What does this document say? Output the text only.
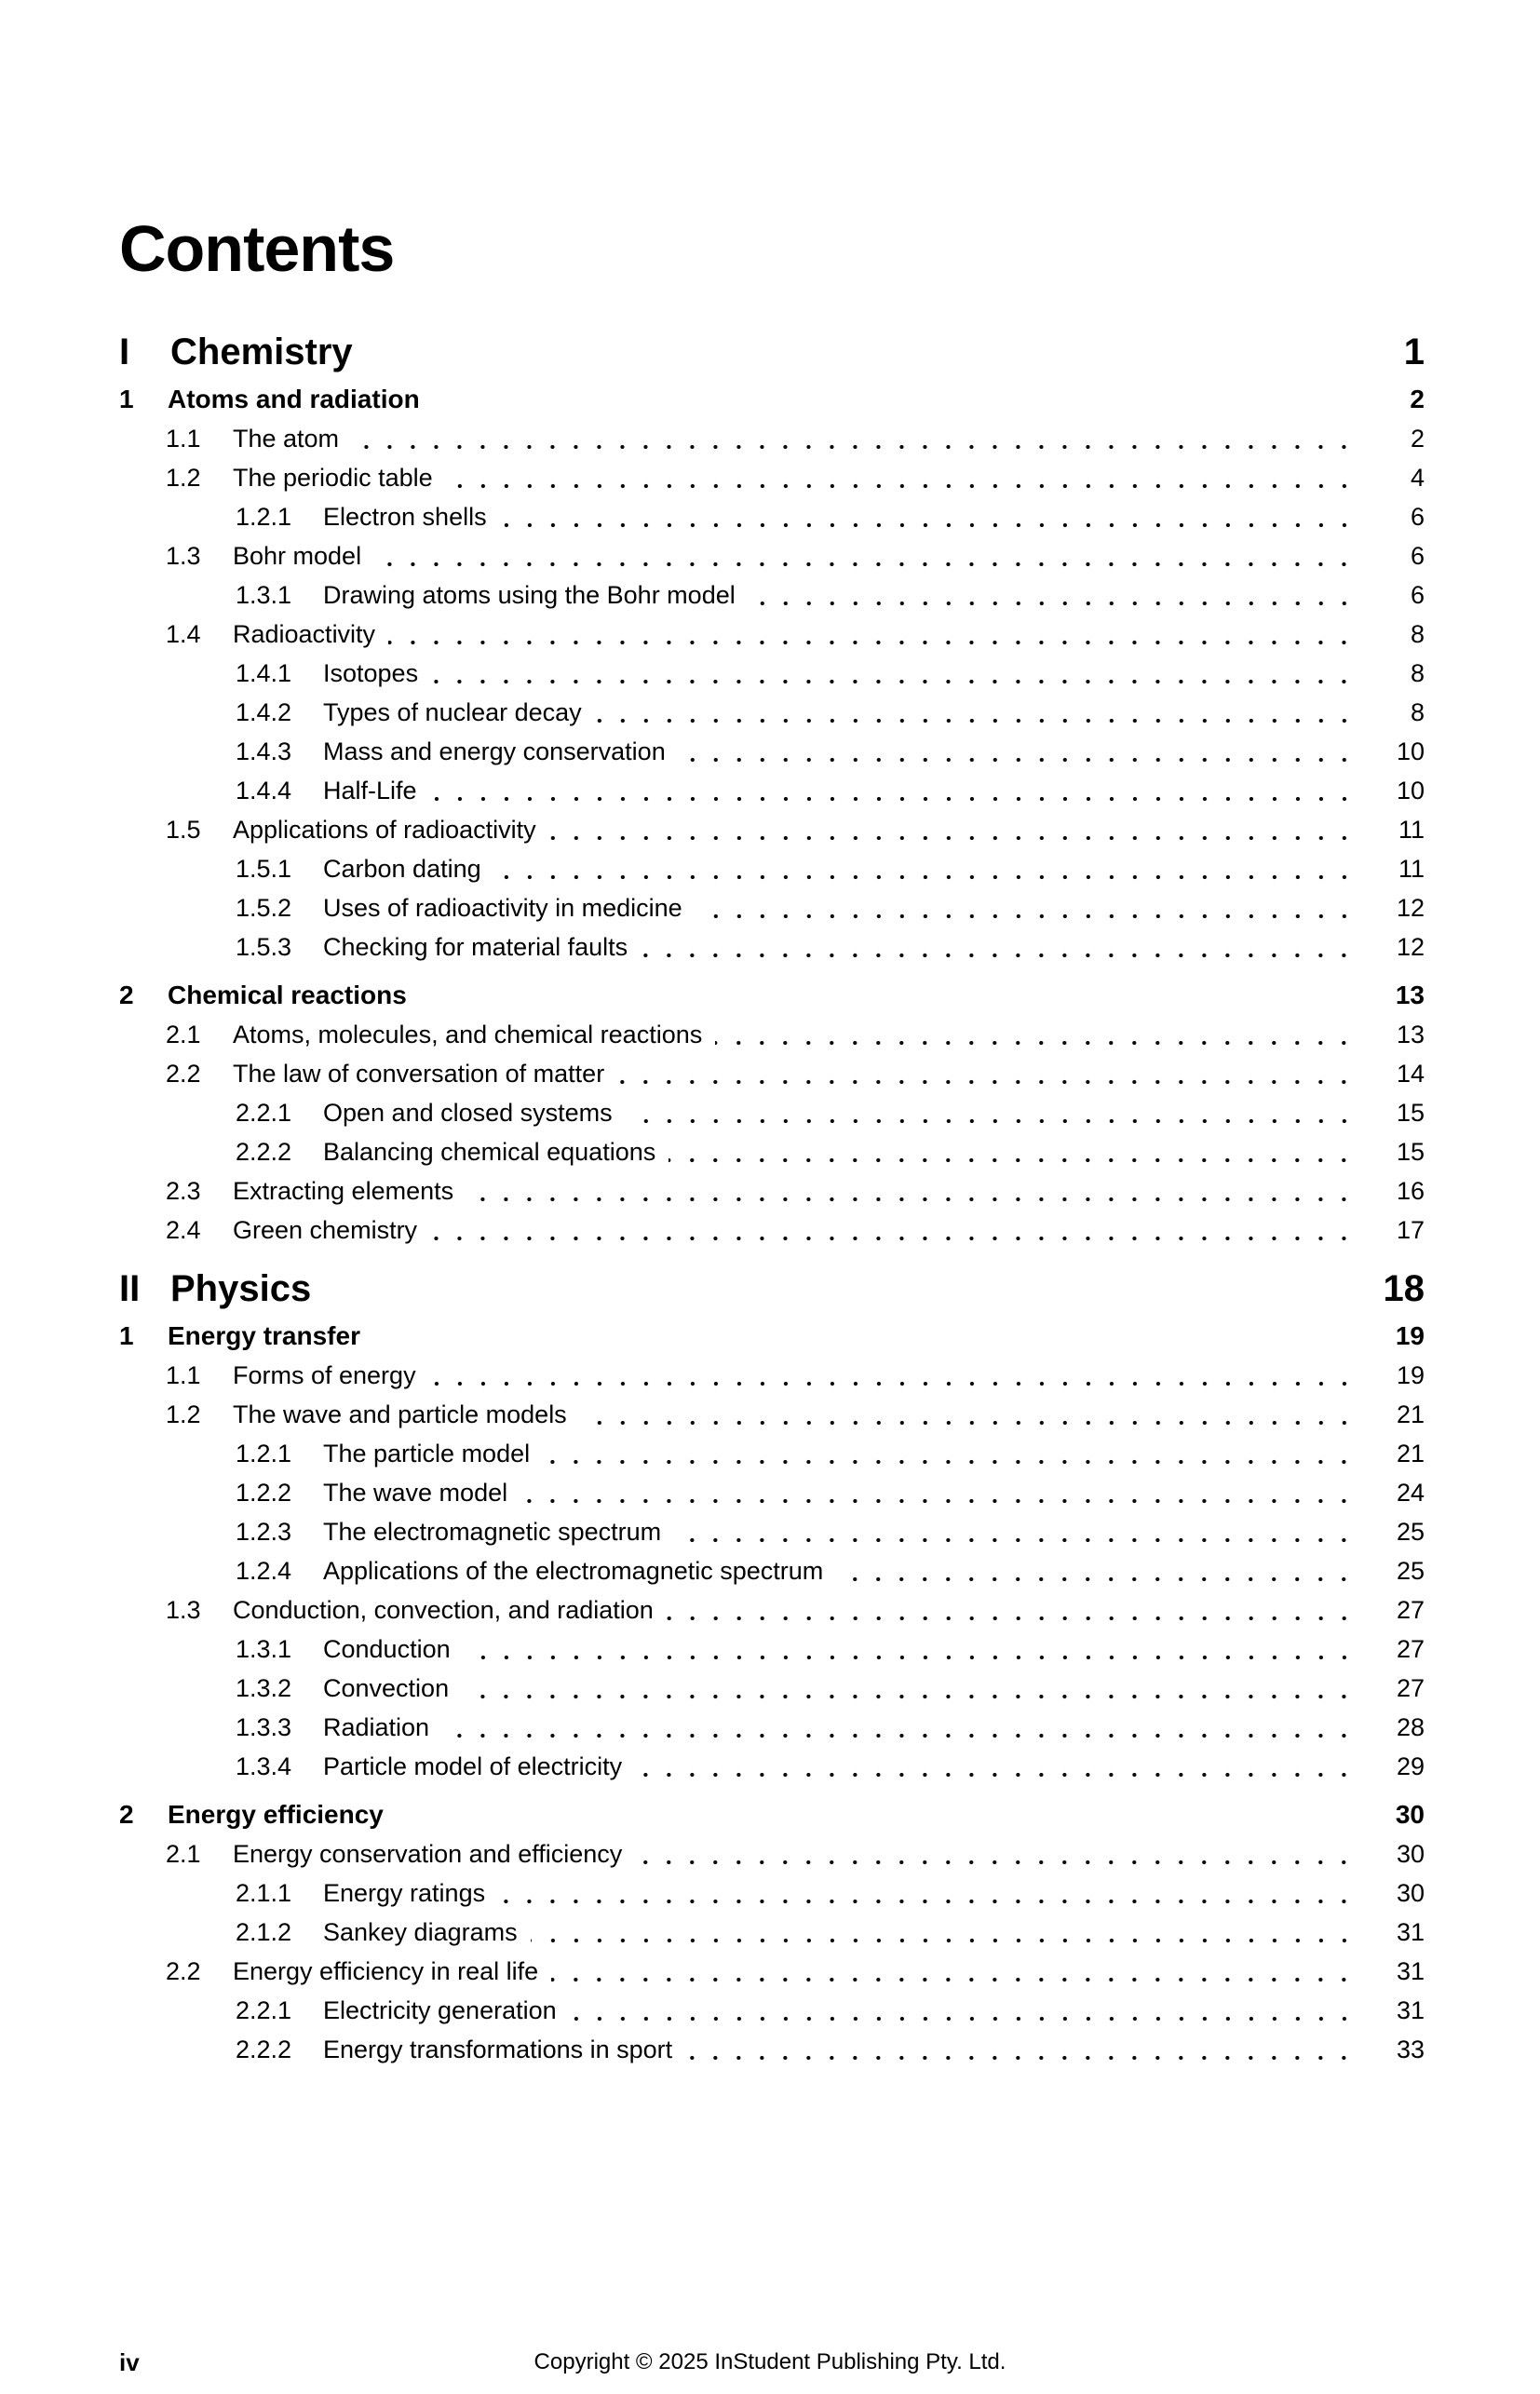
Contents
I	Chemistry	1
1	Atoms and radiation	2
1.1	The atom	2
1.2	The periodic table	4
1.2.1	Electron shells	6
1.3	Bohr model	6
1.3.1	Drawing atoms using the Bohr model	6
1.4	Radioactivity	8
1.4.1	Isotopes	8
1.4.2	Types of nuclear decay	8
1.4.3	Mass and energy conservation	10
1.4.4	Half-Life	10
1.5	Applications of radioactivity	11
1.5.1	Carbon dating	11
1.5.2	Uses of radioactivity in medicine	12
1.5.3	Checking for material faults	12
2	Chemical reactions	13
2.1	Atoms, molecules, and chemical reactions	13
2.2	The law of conversation of matter	14
2.2.1	Open and closed systems	15
2.2.2	Balancing chemical equations	15
2.3	Extracting elements	16
2.4	Green chemistry	17
II Physics	18
1	Energy transfer	19
1.1	Forms of energy	19
1.2	The wave and particle models	21
1.2.1	The particle model	21
1.2.2	The wave model	24
1.2.3	The electromagnetic spectrum	25
1.2.4	Applications of the electromagnetic spectrum	25
1.3	Conduction, convection, and radiation	27
1.3.1	Conduction	27
1.3.2	Convection	27
1.3.3	Radiation	28
1.3.4	Particle model of electricity	29
2	Energy efficiency	30
2.1	Energy conservation and efficiency	30
2.1.1	Energy ratings	30
2.1.2	Sankey diagrams	31
2.2	Energy efficiency in real life	31
2.2.1	Electricity generation	31
2.2.2	Energy transformations in sport	33
iv	Copyright © 2025 InStudent Publishing Pty. Ltd.
